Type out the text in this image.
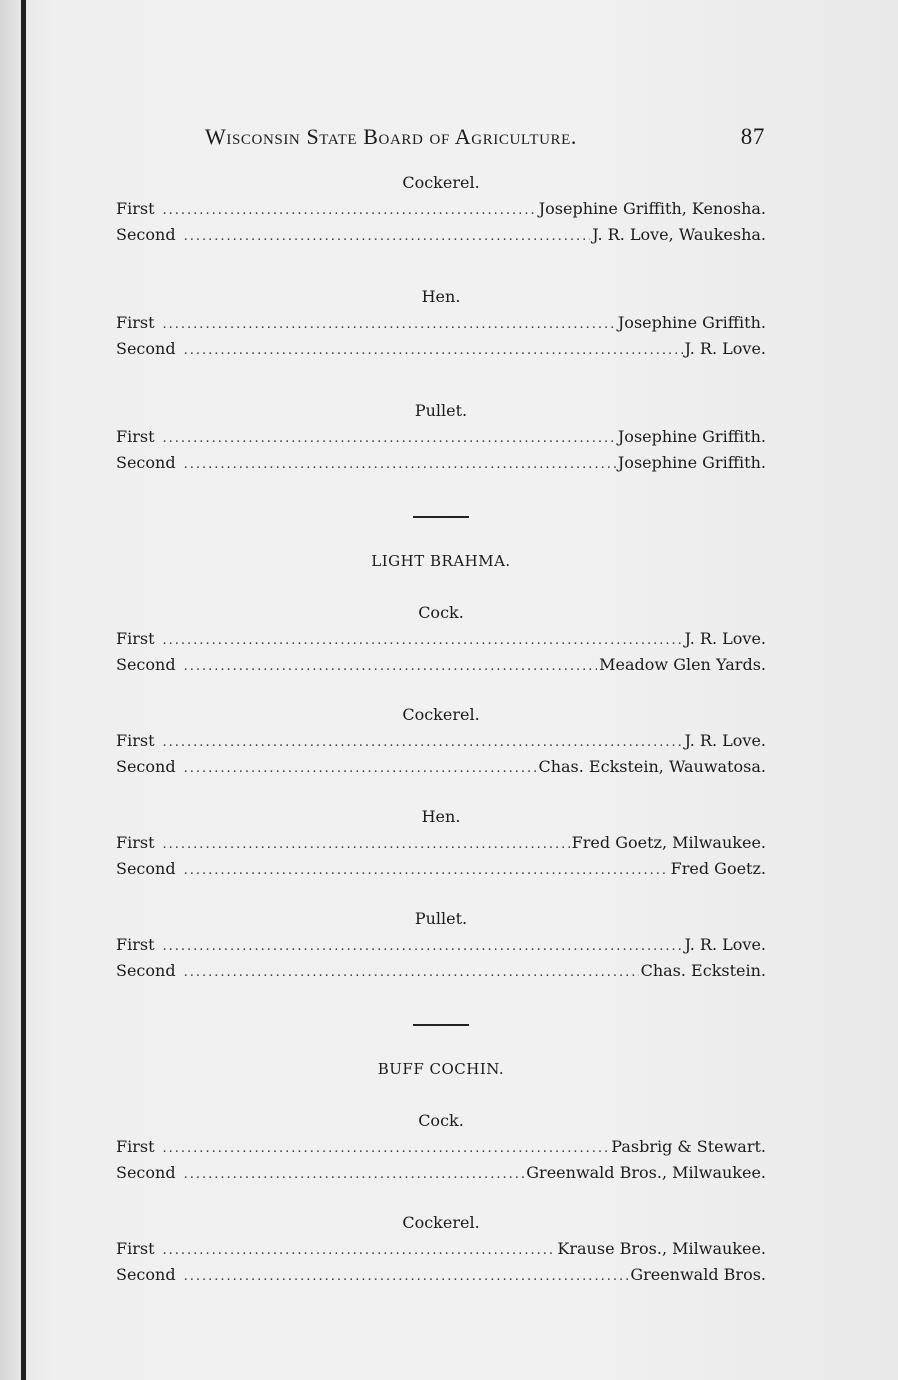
Wisconsin State Board of Agriculture.	87

Cockerel.

First .....	Josephine Griffith, Kenosha.
Second .....	J. R. Love, Waukesha.

Hen.

First .....	Josephine Griffith.
Second .....	J. R. Love.

Pullet.

First .....	Josephine Griffith.
Second .....	Josephine Griffith.

LIGHT BRAHMA.

Cock.

First .....	J. R. Love.
Second .....	Meadow Glen Yards.

Cockerel.

First .....	J. R. Love.
Second .....	Chas. Eckstein, Wauwatosa.

Hen.

First .....	Fred Goetz, Milwaukee.
Second .....	Fred Goetz.

Pullet.

First .....	J. R. Love.
Second .....	Chas. Eckstein.

BUFF COCHIN.

Cock.

First .....	Pasbrig & Stewart.
Second .....	Greenwald Bros., Milwaukee.

Cockerel.

First .....	Krause Bros., Milwaukee.
Second .....	Greenwald Bros.
